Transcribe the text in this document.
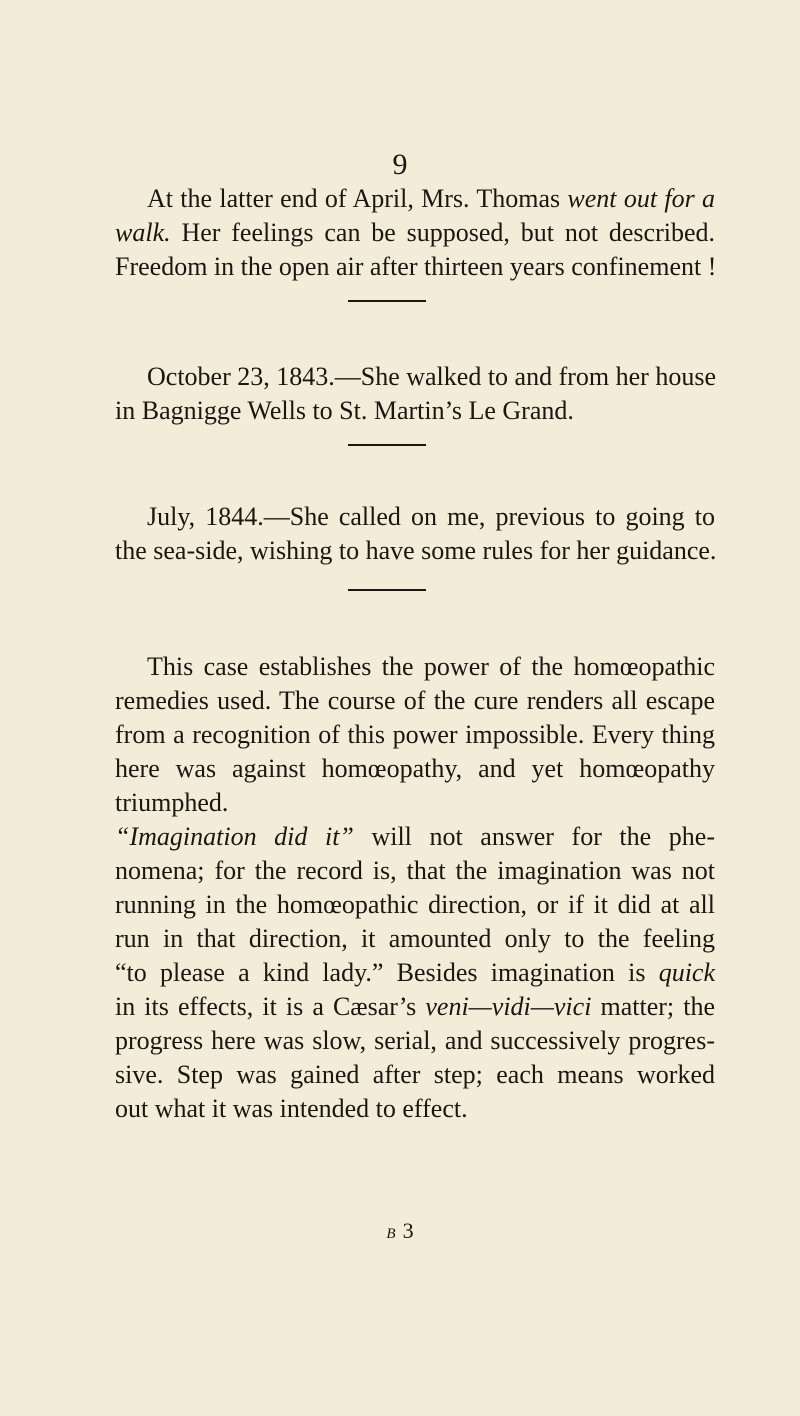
9
At the latter end of April, Mrs. Thomas went out for a
walk. Her feelings can be supposed, but not described.
Freedom in the open air after thirteen years confinement !
October 23, 1843.—She walked to and from her house
in Bagnigge Wells to St. Martin’s Le Grand.
July, 1844.—She called on me, previous to going to
the sea-side, wishing to have some rules for her guidance.
This case establishes the power of the homœopathic
remedies used. The course of the cure renders all escape
from a recognition of this power impossible. Every thing
here was against homœopathy, and yet homœopathy
triumphed.
“Imagination did it” will not answer for the phe-
nomena; for the record is, that the imagination was not
running in the homœopathic direction, or if it did at all
run in that direction, it amounted only to the feeling
“to please a kind lady.” Besides imagination is quick
in its effects, it is a Cæsar’s veni—vidi—vici matter; the
progress here was slow, serial, and successively progres-
sive. Step was gained after step; each means worked
out what it was intended to effect.
B 3
